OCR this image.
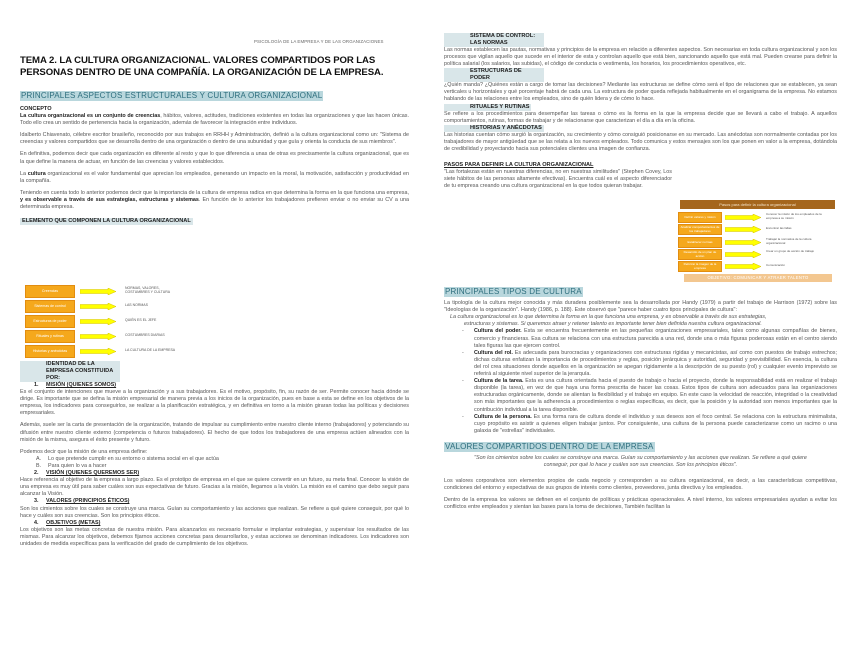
TEMA 2. LA CULTURA ORGANIZACIONAL. VALORES COMPARTIDOS POR LAS PERSONAS DENTRO DE UNA COMPAÑÍA. LA ORGANIZACIÓN DE LA EMPRESA.
PRINCIPALES ASPECTOS ESTRUCTURALES Y CULTURA ORGANIZACIONAL
CONCEPTO

La cultura organizacional es un conjunto de creencias, hábitos, valores, actitudes, tradiciones existentes en todas las organizaciones y que las hacen únicas. Todo ello crea un sentido de pertenencia hacia la organización, además de favorecer la integración entre individuos.

Idalberto Chiavenato, célebre escritor brasileño, reconocido por sus trabajos en RRHH y Administración, definió a la cultura organizacional como un: "Sistema de creencias y valores compartidos que se desarrolla dentro de una organización o dentro de una subunidad y que guía y orienta la conducta de sus miembros".

En definitiva, podemos decir que cada organización es diferente al resto y que lo que diferencia a unas de otras es precisamente la cultura organizacional, que es la que define la manera de actuar, en función de las creencias y valores establecidos.

La cultura organizacional es el valor fundamental que aprecian los empleados, generando un impacto en la moral, la motivación, satisfacción y productividad en la compañía.

Teniendo en cuenta todo lo anterior podemos decir que la importancia de la cultura de empresa radica en que determina la forma en la que funciona una empresa, y es observable a través de sus estrategias, estructuras y sistemas. En función de lo anterior los trabajadores prefieren enviar o no enviar su CV a una determinada empresa.

ELEMENTO QUE COMPONEN LA CULTURA ORGANIZACIONAL
Creencias
NORMAS, VALORES, COSTUMBRES Y CULTURA
Sistemas de control	LAS NORMAS
Estructuras de poder	QUIÉN ES EL JEFE
Rituales y rutinas	COSTUMBRES DIARIAS
Historias y anécdotas	LA CULTURA DE LA EMPRESA
IDENTIDAD DE LA EMPRESA CONSTITUIDA POR:
1. MISIÓN (QUIENES SOMOS)

Es el conjunto de intenciones que mueve a la organización y a sus trabajadores. Es el motivo, propósito, fin, su razón de ser. Permite conocer hacia dónde se dirige. Es importante que se defina la misión empresarial de manera previa a los inicios de la organización, pues en base a esta se define en los objetivos de la empresa, los indicadores para conseguirlos, se realizar a la planificación estratégica, y en definitiva en torno a la misión giraran todas las políticas y decisiones empresariales.

Además, suele ser la carta de presentación de la organización, tratando de impulsar su cumplimiento entre nuestro cliente interno (trabajadores) y potenciando su difusión entre nuestro cliente externo (competencia o futuros trabajadores). El hecho de que todos los trabajadores de una empresa actúen alineados con la misión de la misma, asegura el éxito presente y futuro.

Podemos decir que la misión de una empresa define:

A. Lo que pretende cumplir en su entorno o sistema social en el que actúa
B. Para quien lo va a hacer
2. VISIÓN (QUIENES QUEREMOS SER)

Hace referencia al objetivo de la empresa a largo plazo. Es el prototipo de empresa en el que se quiere convertir en un futuro, su meta final. Conocer la visión de una empresa es muy útil para saber cuáles son sus expectativas de futuro. Gracias a la misión, llegamos a la visión. La misión es el camino que debo seguir para alcanzar la Visión.

3. VALORES (PRINCIPIOS ÉTICOS)

Son los cimientos sobre los cuales se construye una marca. Guían su comportamiento y las acciones que realizan. Se refiere a qué quiere conseguir, por qué lo hace y cuáles son sus creencias. Son los principios éticos.

4. OBJETIVOS (METAS)

Los objetivos son las metas concretas de nuestra misión. Para alcanzarlos es necesario formular e implantar estrategias, y supervisar los resultados de las mismas. Para alcanzar los objetivos, debemos fijarnos acciones concretas para desarrollarlos, y estas acciones se denominan indicadores. Los indicadores son unidades de medida específicas para la verificación del grado de cumplimiento de los objetivos.

PSICOLOGÍA DE LA EMPRESA Y DE LAS ORGANIZACIONES
SISTEMA DE CONTROL: LAS NORMAS

Las normas establecen las pautas, normativas y principios de la empresa en relación a diferentes aspectos. Son necesarias en toda cultura organizacional y son los procesos que vigilan aquello que sucede en el interior de esta y controlan aquello que está bien, sancionando aquello que está mal. Pueden crearse para definir la política salarial (los salarios, las subidas), el código de conducta o vestimenta, los horarios, los procedimientos operativos, etc.

ESTRUCTURAS DE PODER

¿Quién manda? ¿Quiénes están a cargo de tomar las decisiones? Mediante las estructuras se define cómo será el tipo de relaciones que se establecen, ya sean verticales u horizontales y qué porcentaje habrá de cada una. La estructura de poder queda reflejada habitualmente en el organigrama de la empresa. No estamos hablando de las relaciones entre los empleados, sino de quién lidera y de cómo lo hace.

RITUALES Y RUTINAS

Se refiere a los procedimientos para desempeñar las tareas o cómo es la forma en la que la empresa decide que se llevará a cabo el trabajo. A aquellos comportamientos, rutinas, formas de trabajar y de relacionarse que caracterizan el día a día en la oficina.

HISTORIAS Y ANÉCDOTAS

Las historias cuentan cómo surgió la organización, su crecimiento y cómo consiguió posicionarse en su mercado. Las anécdotas son normalmente contadas por los trabajadores de mayor antigüedad que se las relata a los nuevos empleados. Todo comunica y estos mensajes son los que ponen en valor a la empresa, dotándola de credibilidad y proyectando hacia sus potenciales clientes una imagen de confianza.

PASOS PARA DEFINIR LA CULTURA ORGANIZACIONAL

"Las fortalezas están en nuestras diferencias, no en nuestras similitudes" (Stephen Covey, Los siete hábitos de las personas altamente efectivas). Encuentra cuál es el aspecto diferenciador de tu empresa creando una cultura organizacional en la que todos quieran trabajar.

Pasos para definir la cultura organizacional
Definir valores y misión
Conocer la misión de los empleados de la empresa a su misión
Analizar comportamientos de los trabajadores
Encontrar las fallas
Establecer normas
Trabajar la normativa de la cultura organizacional
Desarrollo de un plan de acción
Crear un grupo de acción de trabajo
Reforzar la imagen de la empresa
Comunicación
OBJETIVO: COMUNICAR Y ATRAER TALENTO
PRINCIPALES TIPOS DE CULTURA

La tipología de la cultura mejor conocida y más duradera posiblemente sea la desarrollada por Handy (1979) a partir del trabajo de Harrison (1972) sobre las "Ideologías de la organización". Handy (1986, p. 188). Este observó que "parece haber cuatro tipos principales de cultura":

La cultura organizacional es lo que determina la forma en la que funciona una empresa, y es observable a través de sus estrategias,
estructuras y sistemas. Si queremos atraer y retener talento es importante tener bien definida nuestra cultura organizacional.
- Cultura del poder. Esta se encuentra frecuentemente en las pequeñas organizaciones empresariales, tales como algunas compañías de bienes, comercio y financieras. Esa cultura se relaciona con una estructura parecida a una red, donde una o más figuras poderosas están en el centro siendo tales figuras las que ejercen control.
- Cultura del rol. Es adecuada para burocracias y organizaciones con estructuras rígidas y mecanicistas, así como con puestos de trabajo estrechos; dichas culturas enfatizan la importancia de procedimientos y reglas, posición jerárquica y autoridad, seguridad y previsibilidad. En esencia, la cultura del rol crea situaciones donde aquellos en la organización se apegan rígidamente a la descripción de su puesto (rol) y cualquier evento imprevisto se referirá al siguiente nivel superior de la jerarquía.
- Cultura de la tarea. Esta es una cultura orientada hacia el puesto de trabajo o hacia el proyecto, donde la responsabilidad está en realizar el trabajo disponible (la tarea), en vez de que haya una forma prescrita de hacer las cosas. Estos tipos de cultura son adecuados para las organizaciones estructuradas orgánicamente, donde se alientan la flexibilidad y el trabajo en equipo. En este caso la velocidad de reacción, integridad o la creatividad son más importantes que la adherencia a procedimientos o reglas específicas, es decir, que la posición y la autoridad son menos importantes que la contribución individual a la tarea disponible.
- Cultura de la persona. Es una forma rara de cultura donde el individuo y sus deseos son el foco central. Se relaciona con la estructura minimalista, cuyo propósito es asistir a quienes eligen trabajar juntos. Por consiguiente, una cultura de la persona puede caracterizarse como un racimo o una galaxia de "estrellas" individuales.
VALORES COMPARTIDOS DENTRO DE LA EMPRESA

"Son los cimientos sobre los cuales se construye una marca. Guían su comportamiento y las acciones que realizan. Se refiere a qué quiere conseguir, por qué lo hace y cuáles son sus creencias. Son los principios éticos".

Los valores corporativos son elementos propios de cada negocio y corresponden a su cultura organizacional, es decir, a las características competitivas, condiciones del entorno y expectativas de sus grupos de interés como clientes, proveedores, junta directiva y los empleados.

Dentro de la empresa los valores se definen en el conjunto de políticas y prácticas operacionales. A nivel interno, los valores empresariales ayudan a evitar los conflictos entre empleados y sientan las bases para la toma de decisiones, También facilitan la
